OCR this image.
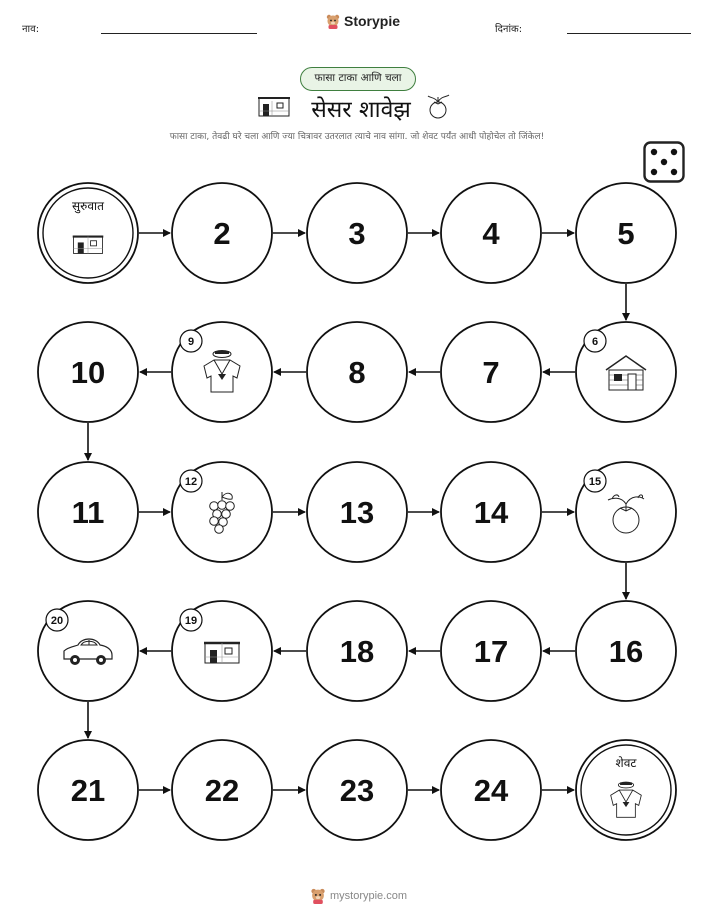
नाव:
Storypie
दिनांक:
फासा टाका आणि चला
सेसर शावेझ
फासा टाका, तेवढी घरे चला आणि ज्या चित्रावर उतरलात त्याचे नाव सांगा. जो शेवट पर्यंत आधी पोहोचेल तो जिंकेल!
सुरुवात
2	3	4	5
6
7
8
9
10
11
12
13	14
15
16
17
18
19
20
21	22	23	24
शेवट
mystorypie.com
